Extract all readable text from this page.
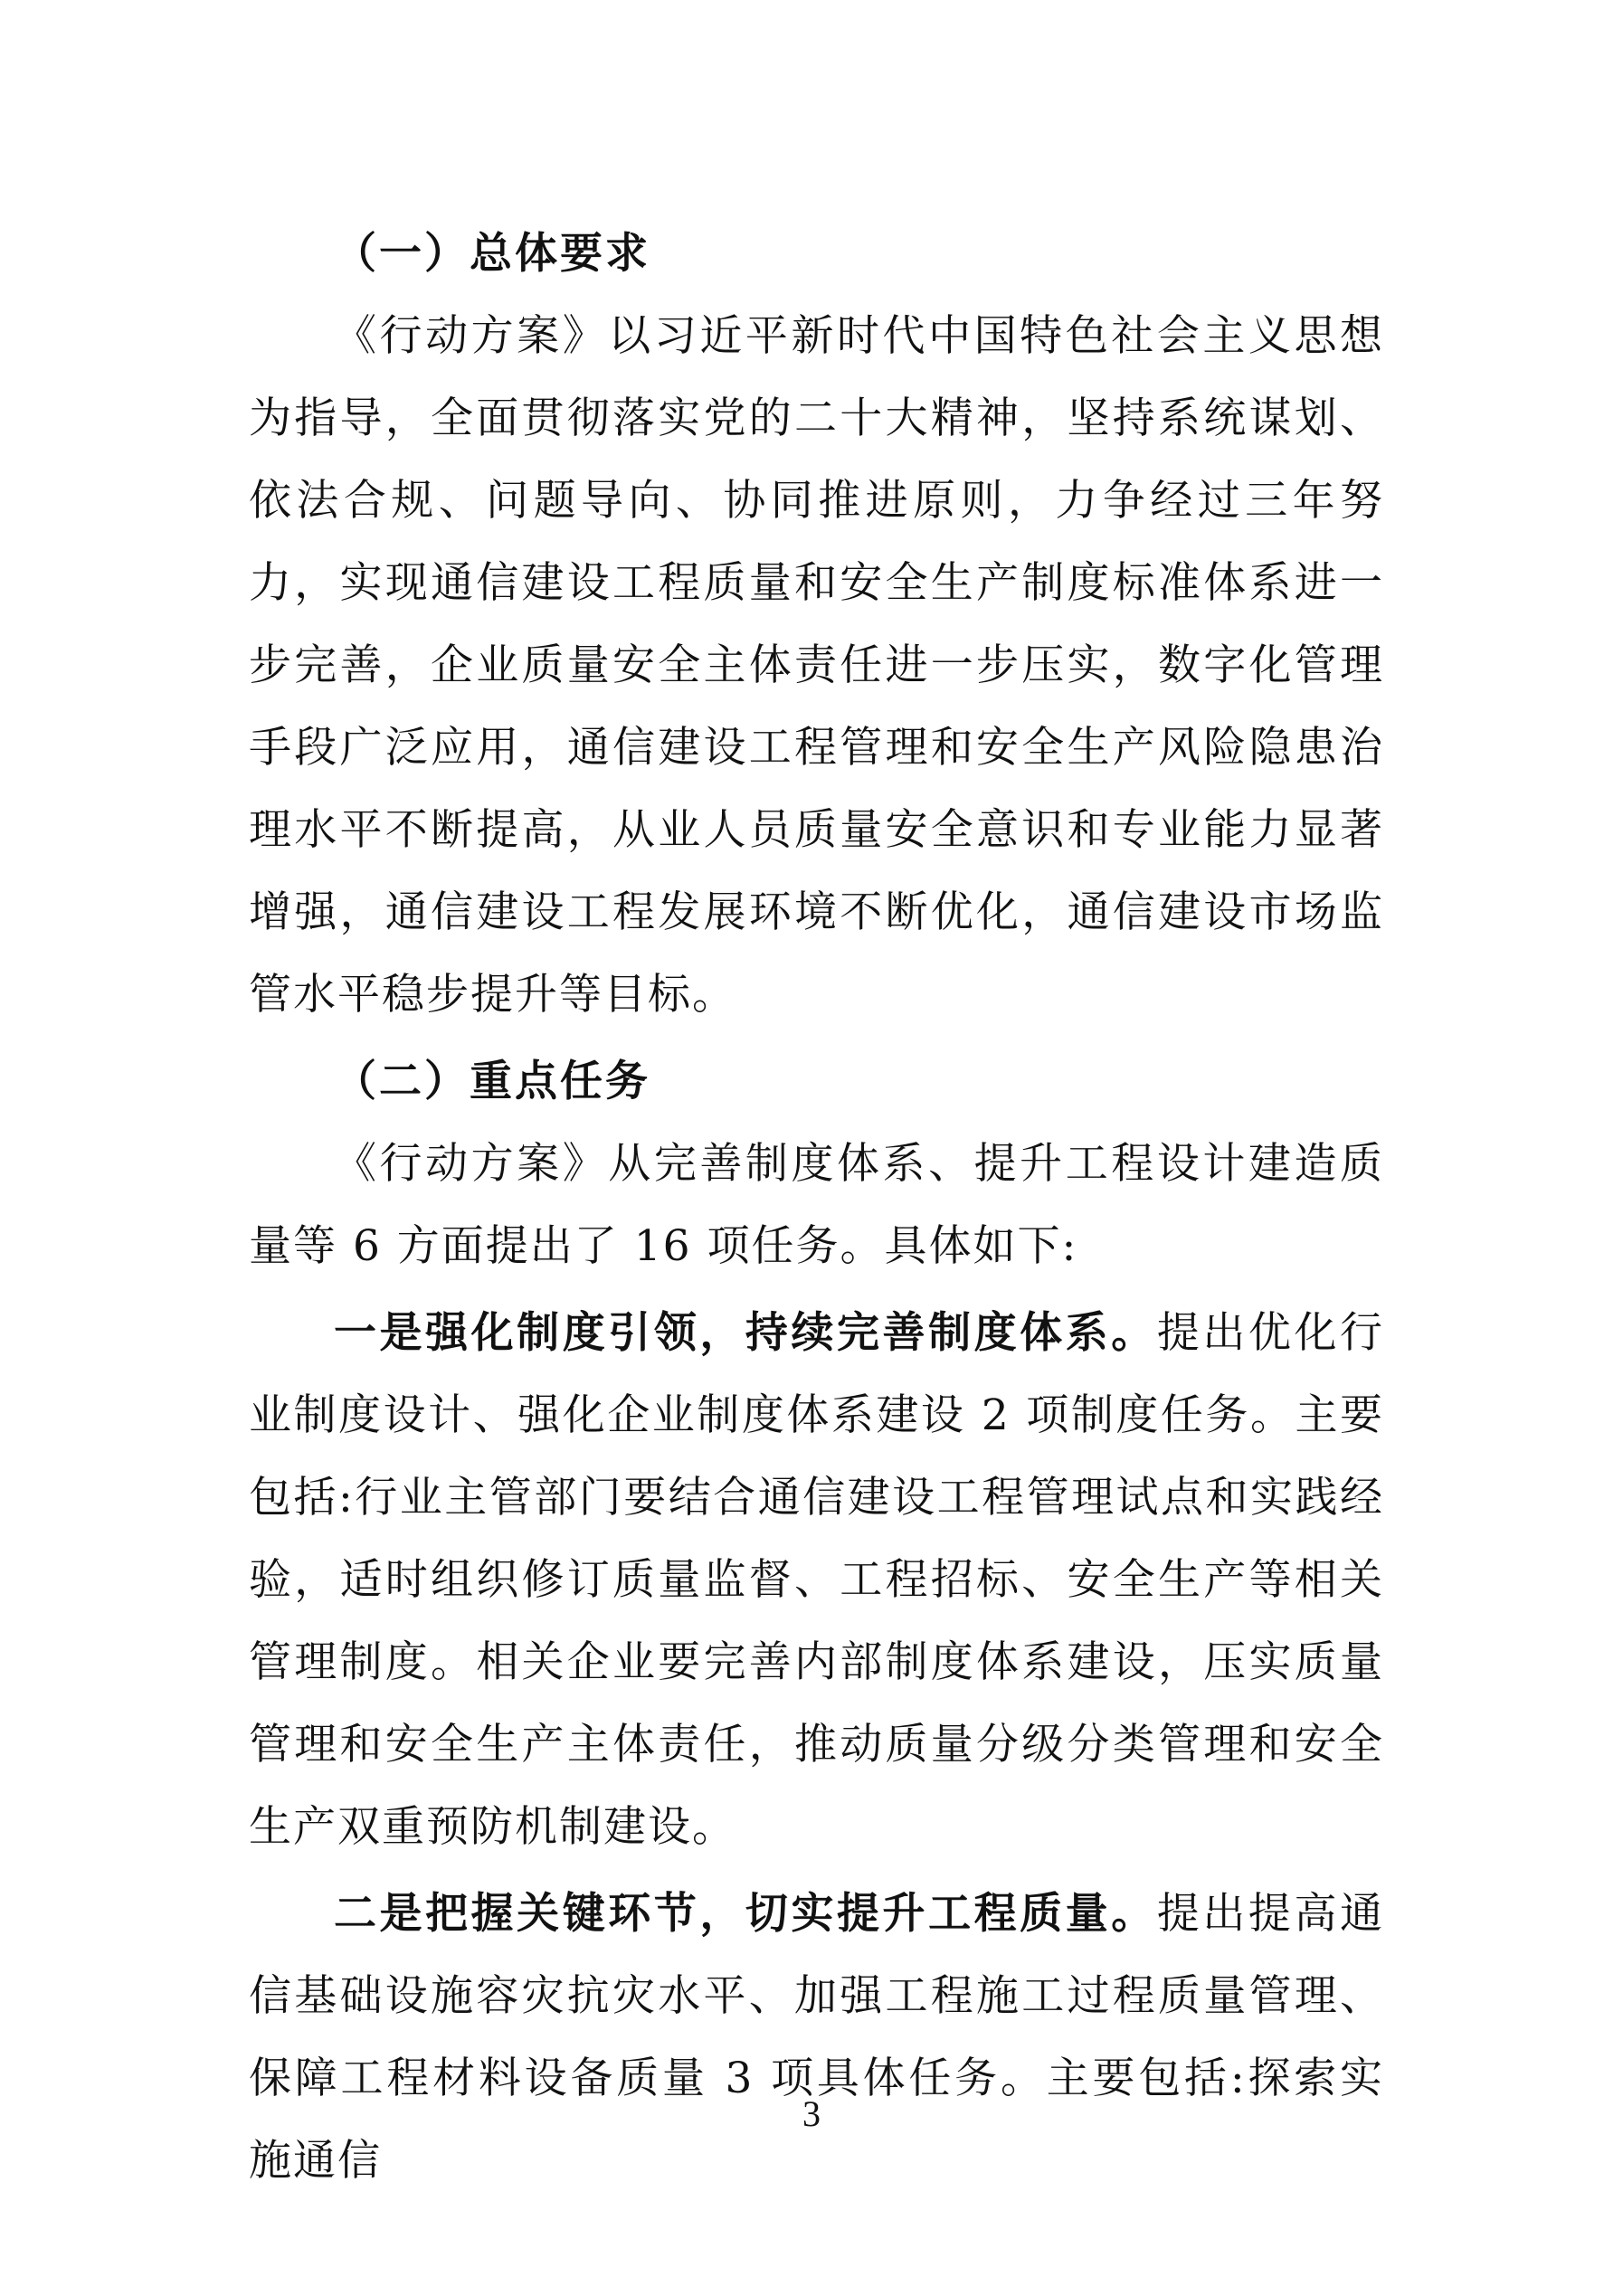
（一）总体要求

《行动方案》以习近平新时代中国特色社会主义思想为指导，全面贯彻落实党的二十大精神，坚持系统谋划、依法合规、问题导向、协同推进原则，力争经过三年努力，实现通信建设工程质量和安全生产制度标准体系进一步完善，企业质量安全主体责任进一步压实，数字化管理手段广泛应用，通信建设工程管理和安全生产风险隐患治理水平不断提高，从业人员质量安全意识和专业能力显著增强，通信建设工程发展环境不断优化，通信建设市场监管水平稳步提升等目标。

（二）重点任务

《行动方案》从完善制度体系、提升工程设计建造质量等 6 方面提出了 16 项任务。具体如下:

一是强化制度引领，持续完善制度体系。提出优化行业制度设计、强化企业制度体系建设 2 项制度任务。主要包括:行业主管部门要结合通信建设工程管理试点和实践经验，适时组织修订质量监督、工程招标、安全生产等相关管理制度。相关企业要完善内部制度体系建设，压实质量管理和安全生产主体责任，推动质量分级分类管理和安全生产双重预防机制建设。

二是把握关键环节，切实提升工程质量。提出提高通信基础设施容灾抗灾水平、加强工程施工过程质量管理、保障工程材料设备质量 3 项具体任务。主要包括:探索实施通信

3
